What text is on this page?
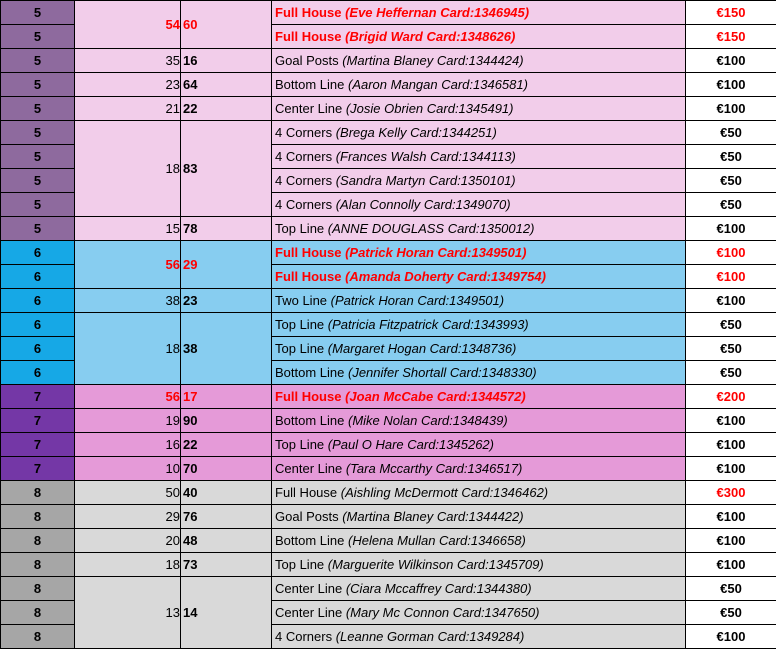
5	54	60	Full House (Eve Heffernan Card:1346945)	€150
5			Full House (Brigid Ward Card:1348626)	€150
5	35	16	Goal Posts (Martina Blaney Card:1344424)	€100
5	23	64	Bottom Line (Aaron Mangan Card:1346581)	€100
5	21	22	Center Line (Josie Obrien Card:1345491)	€100
5	18	83	4 Corners (Brega Kelly Card:1344251)	€50
5			4 Corners (Frances Walsh Card:1344113)	€50
5			4 Corners (Sandra Martyn Card:1350101)	€50
5			4 Corners (Alan Connolly Card:1349070)	€50
5	15	78	Top Line (ANNE DOUGLASS Card:1350012)	€100
6	56	29	Full House (Patrick Horan Card:1349501)	€100
6			Full House (Amanda Doherty Card:1349754)	€100
6	38	23	Two Line (Patrick Horan Card:1349501)	€100
6	18	38	Top Line (Patricia Fitzpatrick Card:1343993)	€50
6			Top Line (Margaret Hogan Card:1348736)	€50
6			Bottom Line (Jennifer Shortall Card:1348330)	€50
7	56	17	Full House (Joan McCabe Card:1344572)	€200
7	19	90	Bottom Line (Mike Nolan Card:1348439)	€100
7	16	22	Top Line (Paul O Hare Card:1345262)	€100
7	10	70	Center Line (Tara Mccarthy Card:1346517)	€100
8	50	40	Full House (Aishling McDermott Card:1346462)	€300
8	29	76	Goal Posts (Martina Blaney Card:1344422)	€100
8	20	48	Bottom Line (Helena Mullan Card:1346658)	€100
8	18	73	Top Line (Marguerite Wilkinson Card:1345709)	€100
8	13	14	Center Line (Ciara Mccaffrey Card:1344380)	€50
8			Center Line (Mary Mc Connon Card:1347650)	€50
8			4 Corners (Leanne Gorman Card:1349284)	€100
